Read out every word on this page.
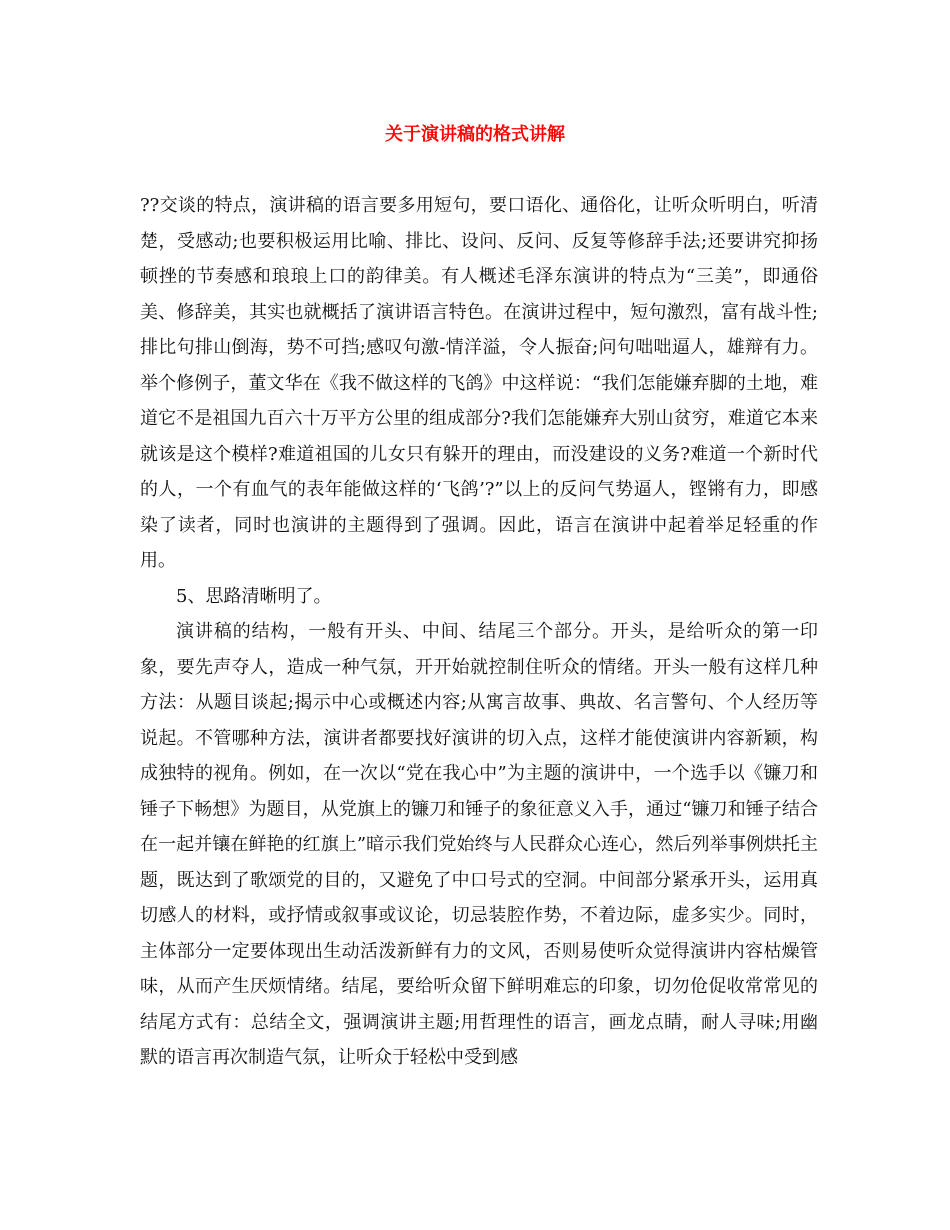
关于演讲稿的格式讲解

??交谈的特点，演讲稿的语言要多用短句，要口语化、通俗化，让听众听明白，听清楚，受感动;也要积极运用比喻、排比、设问、反问、反复等修辞手法;还要讲究抑扬顿挫的节奏感和琅琅上口的韵律美。有人概述毛泽东演讲的特点为“三美”，即通俗美、修辞美，其实也就概括了演讲语言特色。在演讲过程中，短句激烈，富有战斗性;排比句排山倒海，势不可挡;感叹句激-情洋溢，令人振奋;问句咄咄逼人，雄辩有力。举个修例子，董文华在《我不做这样的飞鸽》中这样说：“我们怎能嫌弃脚的土地，难道它不是祖国九百六十万平方公里的组成部分?我们怎能嫌弃大别山贫穷，难道它本来就该是这个模样?难道祖国的儿女只有躲开的理由，而没建设的义务?难道一个新时代的人，一个有血气的表年能做这样的‘飞鸽’?”以上的反问气势逼人，铿锵有力，即感染了读者，同时也演讲的主题得到了强调。因此，语言在演讲中起着举足轻重的作用。

5、思路清晰明了。

演讲稿的结构，一般有开头、中间、结尾三个部分。开头，是给听众的第一印象，要先声夺人，造成一种气氛，开开始就控制住听众的情绪。开头一般有这样几种方法：从题目谈起;揭示中心或概述内容;从寓言故事、典故、名言警句、个人经历等说起。不管哪种方法，演讲者都要找好演讲的切入点，这样才能使演讲内容新颖，构成独特的视角。例如，在一次以“党在我心中”为主题的演讲中，一个选手以《镰刀和锤子下畅想》为题目，从党旗上的镰刀和锤子的象征意义入手，通过“镰刀和锤子结合在一起并镶在鲜艳的红旗上”暗示我们党始终与人民群众心连心，然后列举事例烘托主题，既达到了歌颂党的目的，又避免了中口号式的空洞。中间部分紧承开头，运用真切感人的材料，或抒情或叙事或议论，切忌装腔作势，不着边际，虚多实少。同时，主体部分一定要体现出生动活泼新鲜有力的文风，否则易使听众觉得演讲内容枯燥管味，从而产生厌烦情绪。结尾，要给听众留下鲜明难忘的印象，切勿伧促收常常见的结尾方式有：总结全文，强调演讲主题;用哲理性的语言，画龙点睛，耐人寻味;用幽默的语言再次制造气氛，让听众于轻松中受到感
